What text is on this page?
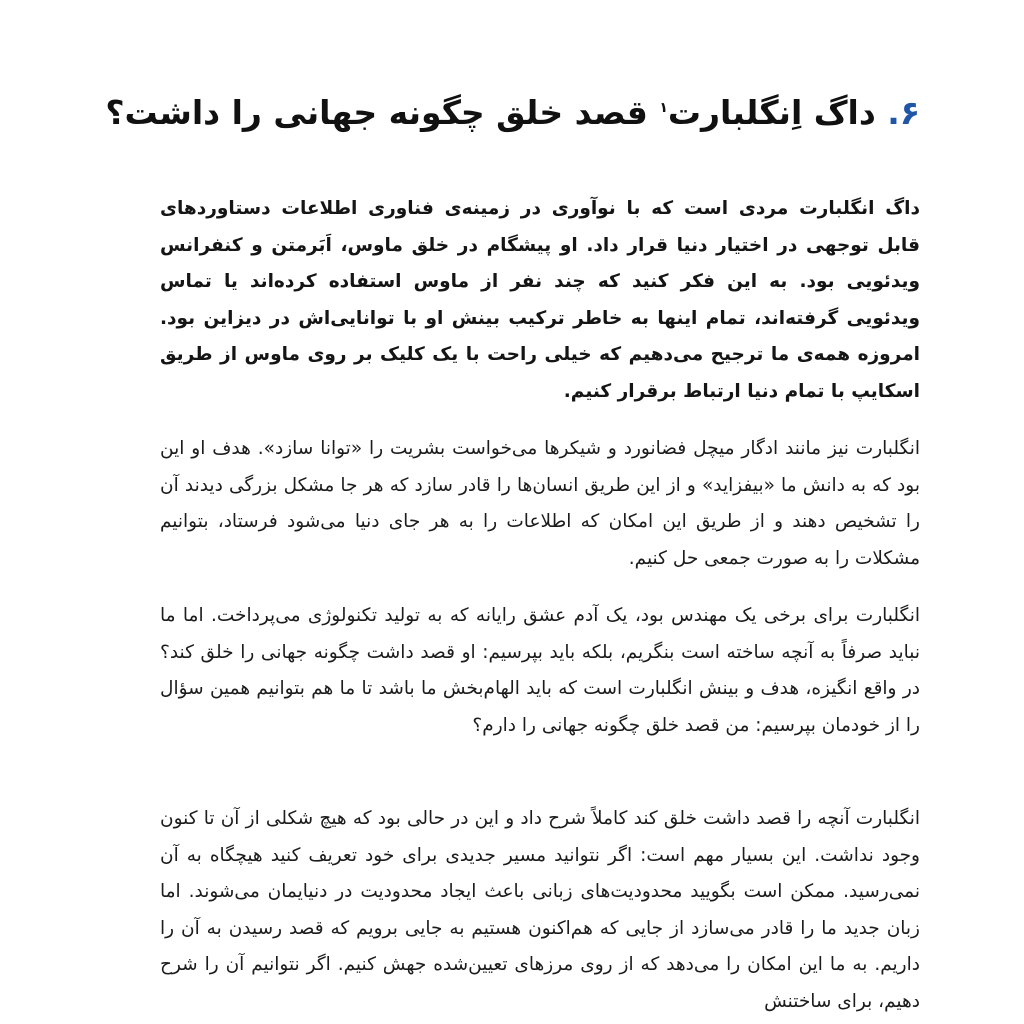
۶. داگ اِنگلبارت$^۱$ قصد خلق چگونه جهانی را داشت؟

داگ انگلبارت مردی است که با نوآوری در زمینه‌ی فناوری اطلاعات دستاوردهای قابل توجهی در اختیار دنیا قرار داد. او پیشگام در خلق ماوس، اَبَرمتن و کنفرانس ویدئویی بود. به این فکر کنید که چند نفر از ماوس استفاده کرده‌اند یا تماس ویدئویی گرفته‌اند، تمام اینها به خاطر ترکیب بینش او با توانایی‌اش در دیزاین بود. امروزه همه‌ی ما ترجیح می‌دهیم که خیلی راحت با یک کلیک بر روی ماوس از طریق اسکایپ با تمام دنیا ارتباط برقرار کنیم.

انگلبارت نیز مانند ادگار میچل فضانورد و شیکرها می‌خواست بشریت را «توانا سازد». هدف او این بود که به دانش ما «بیفزاید» و از این طریق انسان‌ها را قادر سازد که هر جا مشکل بزرگی دیدند آن را تشخیص دهند و از طریق این امکان که اطلاعات را به هر جای دنیا می‌شود فرستاد، بتوانیم مشکلات را به صورت جمعی حل کنیم.

انگلبارت برای برخی یک مهندس بود، یک آدم عشق رایانه که به تولید تکنولوژی می‌پرداخت. اما ما نباید صرفاً به آنچه ساخته است بنگریم، بلکه باید بپرسیم: او قصد داشت چگونه جهانی را خلق کند؟ در واقع انگیزه، هدف و بینش انگلبارت است که باید الهام‌بخش ما باشد تا ما هم بتوانیم همین سؤال را از خودمان بپرسیم: من قصد خلق چگونه جهانی را دارم؟

انگلبارت آنچه را قصد داشت خلق کند کاملاً شرح داد و این در حالی بود که هیچ شکلی از آن تا کنون وجود نداشت. این بسیار مهم است: اگر نتوانید مسیر جدیدی برای خود تعریف کنید هیچگاه به آن نمی‌رسید. ممکن است بگویید محدودیت‌های زبانی باعث ایجاد محدودیت در دنیایمان می‌شوند. اما زبان جدید ما را قادر می‌سازد از جایی که هم‌اکنون هستیم به جایی برویم که قصد رسیدن به آن را داریم. به ما این امکان را می‌دهد که از روی مرزهای تعیین‌شده جهش کنیم. اگر نتوانیم آن را شرح دهیم، برای ساختنش
